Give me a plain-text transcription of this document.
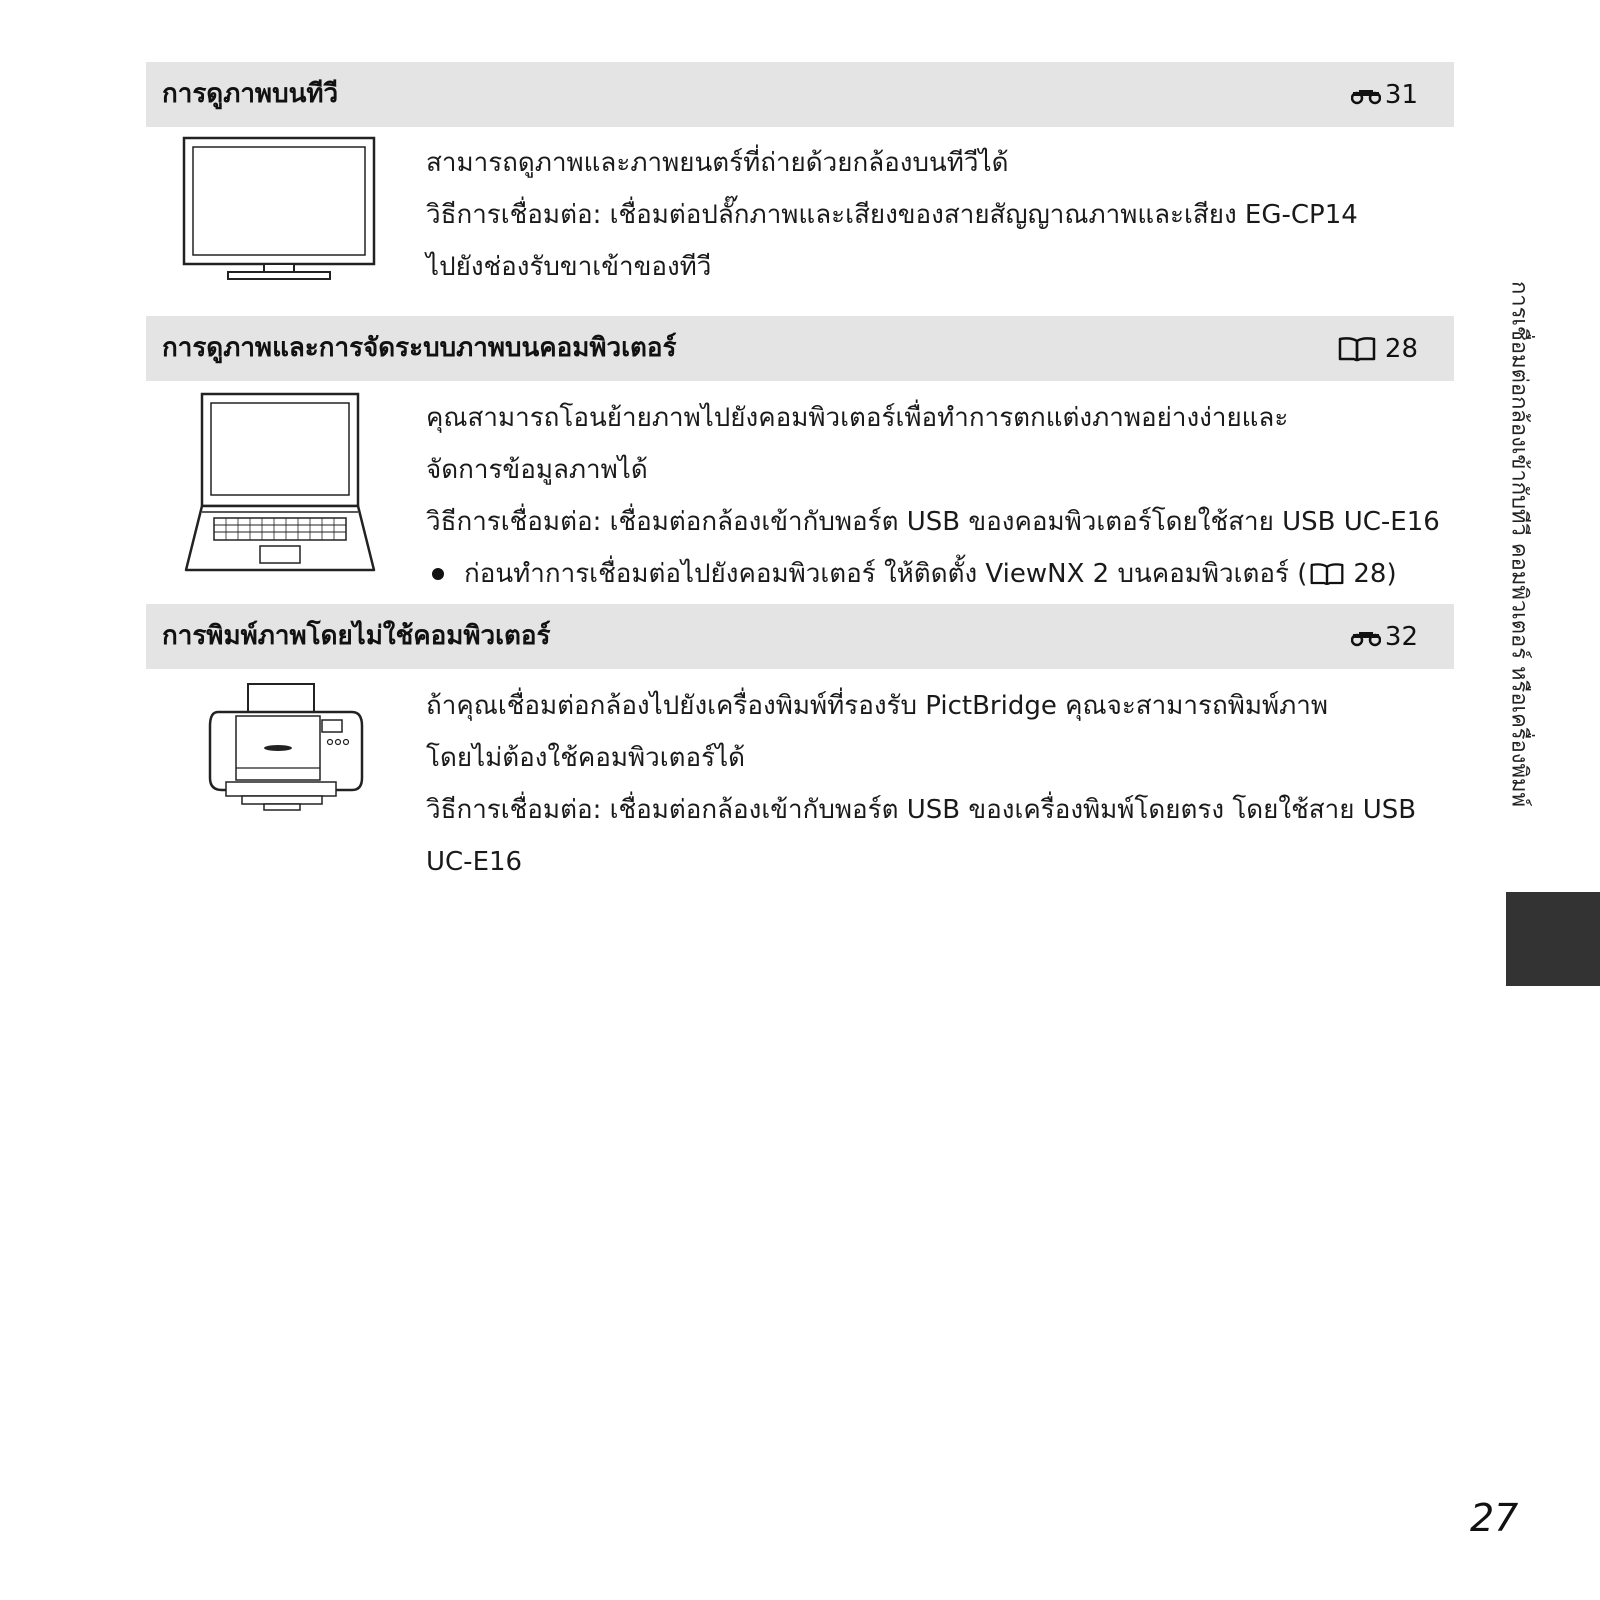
การดูภาพบนทีวี	31
สามารถดูภาพและภาพยนตร์ที่ถ่ายด้วยกล้องบนทีวีได้
วิธีการเชื่อมต่อ: เชื่อมต่อปลั๊กภาพและเสียงของสายสัญญาณภาพและเสียง EG-CP14
ไปยังช่องรับขาเข้าของทีวี
การดูภาพและการจัดระบบภาพบนคอมพิวเตอร์	28
คุณสามารถโอนย้ายภาพไปยังคอมพิวเตอร์เพื่อทำการตกแต่งภาพอย่างง่ายและ
จัดการข้อมูลภาพได้
วิธีการเชื่อมต่อ: เชื่อมต่อกล้องเข้ากับพอร์ต USB ของคอมพิวเตอร์โดยใช้สาย USB UC-E16
ก่อนทำการเชื่อมต่อไปยังคอมพิวเตอร์ ให้ติดตั้ง ViewNX 2 บนคอมพิวเตอร์ ( 28 )
การพิมพ์ภาพโดยไม่ใช้คอมพิวเตอร์	32
ถ้าคุณเชื่อมต่อกล้องไปยังเครื่องพิมพ์ที่รองรับ PictBridge คุณจะสามารถพิมพ์ภาพ
โดยไม่ต้องใช้คอมพิวเตอร์ได้
วิธีการเชื่อมต่อ: เชื่อมต่อกล้องเข้ากับพอร์ต USB ของเครื่องพิมพ์โดยตรง โดยใช้สาย USB
UC-E16
การเชื่อมต่อกล้องเข้ากับทีวี คอมพิวเตอร์ หรือเครื่องพิมพ์
27
